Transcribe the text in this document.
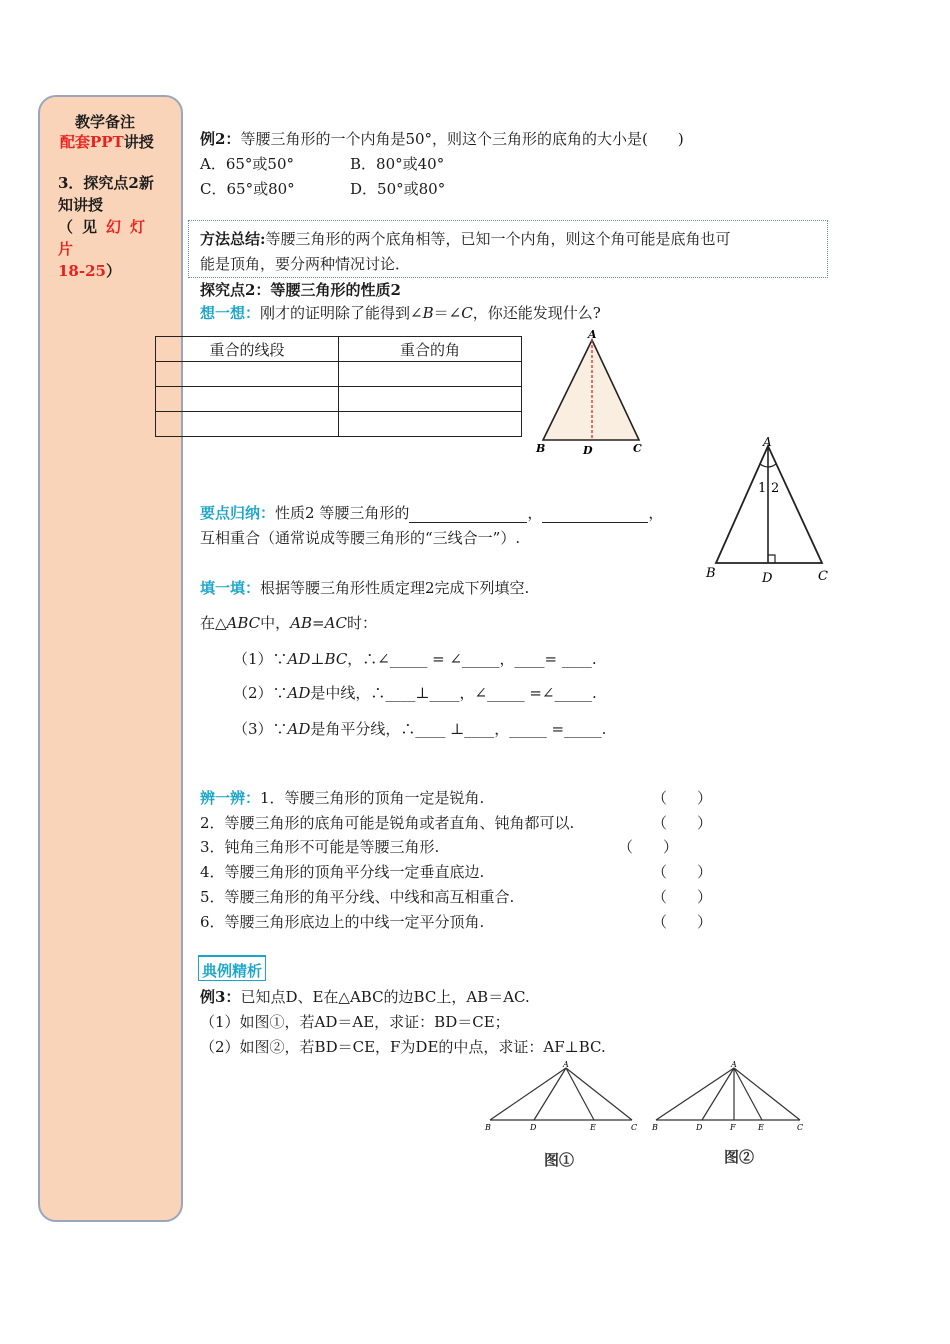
教学备注
配套PPT讲授
3．探究点2新
知讲授
（见幻灯片
18-25）
例2：等腰三角形的一个内角是50°，则这个三角形的底角的大小是(　　)
A．65°或50°	B．80°或40°
C．65°或80°	D．50°或80°
方法总结:等腰三角形的两个底角相等，已知一个内角，则这个角可能是底角也可
能是顶角，要分两种情况讨论．
探究点2：等腰三角形的性质2
想一想：刚才的证明除了能得到∠B＝∠C，你还能发现什么?
重合的线段	重合的角

A
B	C
D
A
1 2
B	D	C
要点归纳：性质2 等腰三角形的	，	，
互相重合（通常说成等腰三角形的“三线合一”）.
填一填：根据等腰三角形性质定理2完成下列填空.
在△ABC中，AB=AC时：
（1）∵AD⊥BC，∴∠_____ = ∠_____，____= ____.
（2）∵AD是中线，∴____⊥____，∠_____ =∠_____.
（3）∵AD是角平分线，∴____ ⊥____，_____ =_____.
辨一辨：1．等腰三角形的顶角一定是锐角.
2．等腰三角形的底角可能是锐角或者直角、钝角都可以.
3．钝角三角形不可能是等腰三角形.
4．等腰三角形的顶角平分线一定垂直底边.
5．等腰三角形的角平分线、中线和高互相重合.
6．等腰三角形底边上的中线一定平分顶角.
（　　）
（　　）
（　　）
（　　）
（　　）
（　　）
典例精析
例3：已知点D、E在△ABC的边BC上，AB＝AC.
（1）如图①，若AD＝AE，求证：BD＝CE；
（2）如图②，若BD＝CE，F为DE的中点，求证：AF⊥BC.
A
B	D	E	C
图①
A
B	D	F	E	C
图②
